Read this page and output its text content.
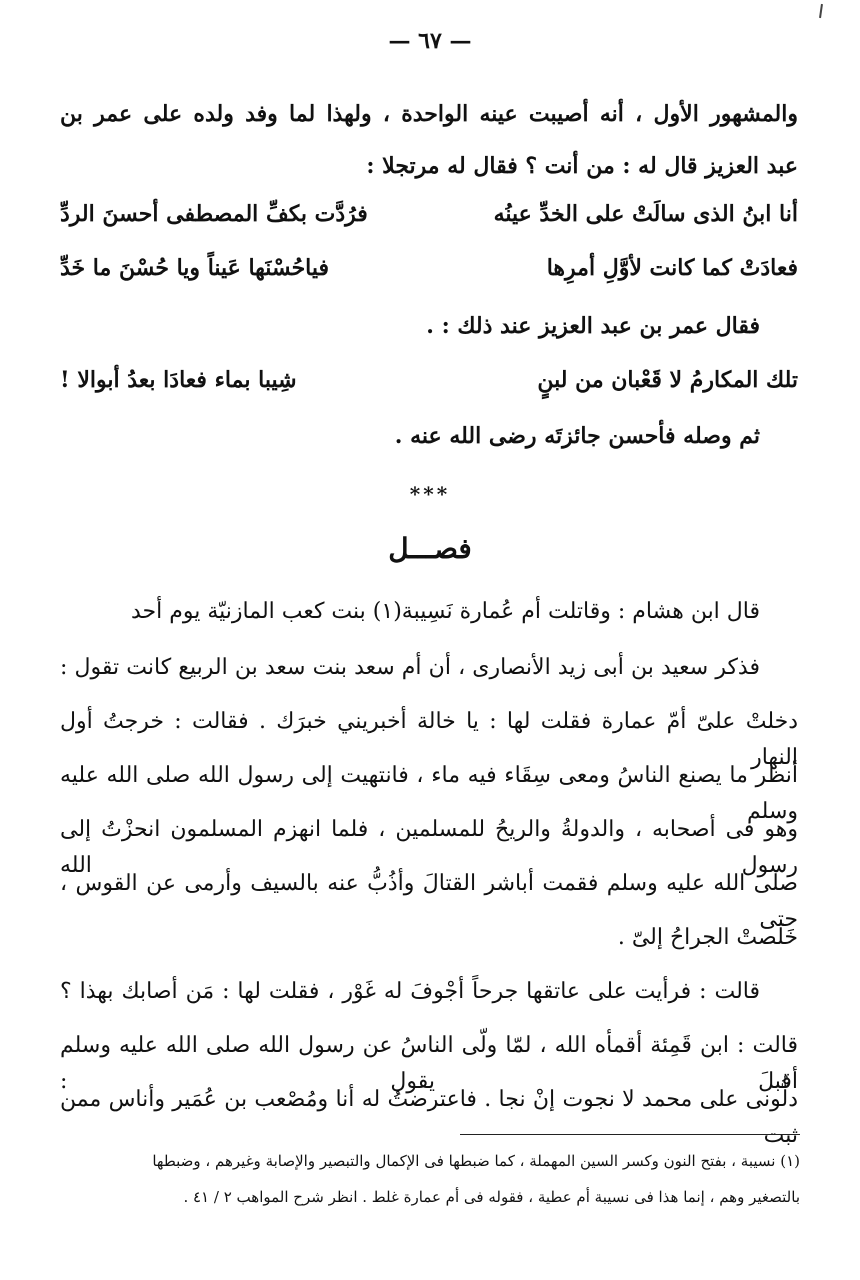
— ٦٧ —
والمشهور الأول ، أنه أصيبت عينه الواحدة ، ولهذا لما وفد ولده على عمر بن
عبد العزيز قال له : من أنت ؟ فقال له مرتجلا :
أنا ابنُ الذى سالَتْ على الخدِّ عينُه
فرُدَّت بكفِّ المصطفى أحسنَ الردِّ
فعادَتْ كما كانت لأوَّلِ أمرِها
فياحُسْنَها عَيناً ويا حُسْنَ ما خَدِّ
فقال عمر بن عبد العزيز عند ذلك : .
تلك المكارمُ لا قَعْبان من لبنٍ
شِيبا بماء فعادَا بعدُ أبوالا !
ثم وصله فأحسن جائزتَه رضى الله عنه .
***
فصـــل
قال ابن هشام : وقاتلت أم عُمارة نَسِيبة(١) بنت كعب المازنيّة يوم أحد
فذكر سعيد بن أبى زيد الأنصارى ، أن أم سعد بنت سعد بن الربيع كانت تقول :
دخلتْ علىّ أمّ عمارة فقلت لها : يا خالة أخبريني خبرَك . فقالت : خرجتُ أول النهار
أنظر ما يصنع الناسُ ومعى سِقَاء فيه ماء ، فانتهيت إلى رسول الله صلى الله عليه وسلم
وهو فى أصحابه ، والدولةُ والريحُ للمسلمين ، فلما انهزم المسلمون انحزْتُ إلى رسول الله
صلى الله عليه وسلم فقمت أباشر القتالَ وأذُبُّ عنه بالسيف وأرمى عن القوس ، حتى
خَلَصتْ الجراحُ إلىّ .
قالت : فرأيت على عاتقها جرحاً أجْوفَ له غَوْر ، فقلت لها : مَن أصابك بهذا ؟
قالت : ابن قَمِئة أقمأه الله ، لمّا ولّى الناسُ عن رسول الله صلى الله عليه وسلم أقبلَ يقول :
دلُّونى على محمد لا نجوت إنْ نجا . فاعترضتُ له أنا ومُصْعب بن عُمَير وأناس ممن ثبت
(١) نسيبة ، بفتح النون وكسر السين المهملة ، كما ضبطها فى الإكمال والتبصير والإصابة وغيرهم ، وضبطها
بالتصغير وهم ، إنما هذا فى نسيبة أم عطية ، فقوله فى أم عمارة غلط . انظر شرح المواهب ٢ / ٤١ .
